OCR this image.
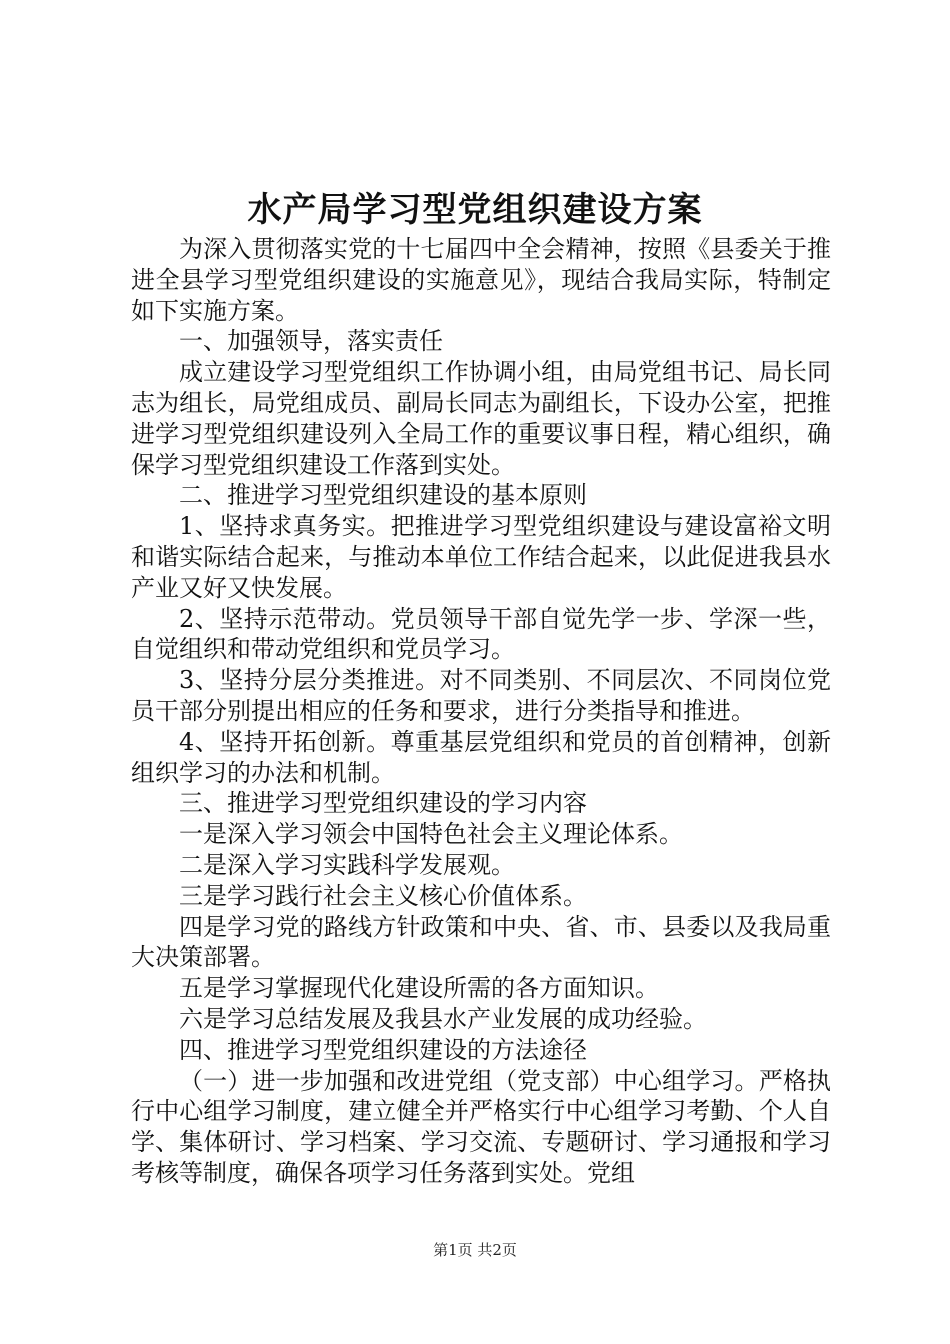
水产局学习型党组织建设方案

为深入贯彻落实党的十七届四中全会精神，按照《县委关于推进全县学习型党组织建设的实施意见》，现结合我局实际，特制定如下实施方案。

一、加强领导，落实责任

成立建设学习型党组织工作协调小组，由局党组书记、局长同志为组长，局党组成员、副局长同志为副组长，下设办公室，把推进学习型党组织建设列入全局工作的重要议事日程，精心组织，确保学习型党组织建设工作落到实处。

二、推进学习型党组织建设的基本原则

1、坚持求真务实。把推进学习型党组织建设与建设富裕文明和谐实际结合起来，与推动本单位工作结合起来，以此促进我县水产业又好又快发展。

2、坚持示范带动。党员领导干部自觉先学一步、学深一些，自觉组织和带动党组织和党员学习。

3、坚持分层分类推进。对不同类别、不同层次、不同岗位党员干部分别提出相应的任务和要求，进行分类指导和推进。

4、坚持开拓创新。尊重基层党组织和党员的首创精神，创新组织学习的办法和机制。

三、推进学习型党组织建设的学习内容

一是深入学习领会中国特色社会主义理论体系。

二是深入学习实践科学发展观。

三是学习践行社会主义核心价值体系。

四是学习党的路线方针政策和中央、省、市、县委以及我局重大决策部署。

五是学习掌握现代化建设所需的各方面知识。

六是学习总结发展及我县水产业发展的成功经验。

四、推进学习型党组织建设的方法途径

（一）进一步加强和改进党组（党支部）中心组学习。严格执行中心组学习制度，建立健全并严格实行中心组学习考勤、个人自学、集体研讨、学习档案、学习交流、专题研讨、学习通报和学习考核等制度，确保各项学习任务落到实处。党组

第1页 共2页
